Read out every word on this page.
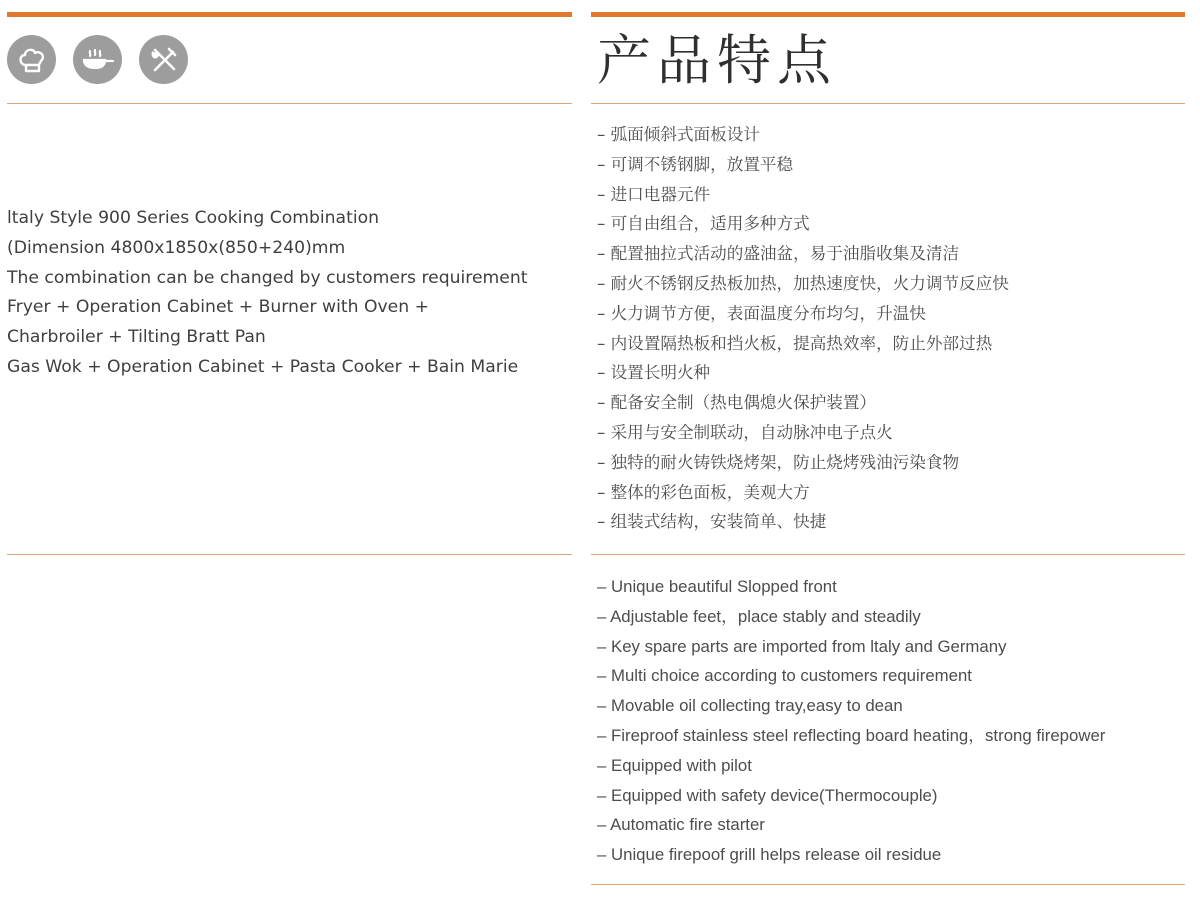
产品特点
ltaly Style 900 Series Cooking Combination
(Dimension 4800x1850x(850+240)mm
The combination can be changed by customers requirement
Fryer + Operation Cabinet + Burner with Oven +
Charbroiler + Tilting Bratt Pan
Gas Wok + Operation Cabinet + Pasta Cooker + Bain Marie
– 弧面倾斜式面板设计
– 可调不锈钢脚，放置平稳
– 进口电器元件
– 可自由组合，适用多种方式
– 配置抽拉式活动的盛油盆，易于油脂收集及清洁
– 耐火不锈钢反热板加热，加热速度快，火力调节反应快
– 火力调节方便，表面温度分布均匀，升温快
– 内设置隔热板和挡火板，提高热效率，防止外部过热
– 设置长明火种
– 配备安全制（热电偶熄火保护装置）
– 采用与安全制联动，自动脉冲电子点火
– 独特的耐火铸铁烧烤架，防止烧烤残油污染食物
– 整体的彩色面板，美观大方
– 组装式结构，安装简单、快捷
– Unique beautiful Slopped front
– Adjustable feet，place stably and steadily
– Key spare parts are imported from ltaly and Germany
– Multi choice according to customers requirement
– Movable oil collecting tray,easy to dean
– Fireproof stainless steel reflecting board heating，strong firepower
– Equipped with pilot
– Equipped with safety device(Thermocouple)
– Automatic fire starter
– Unique firepoof grill helps release oil residue
